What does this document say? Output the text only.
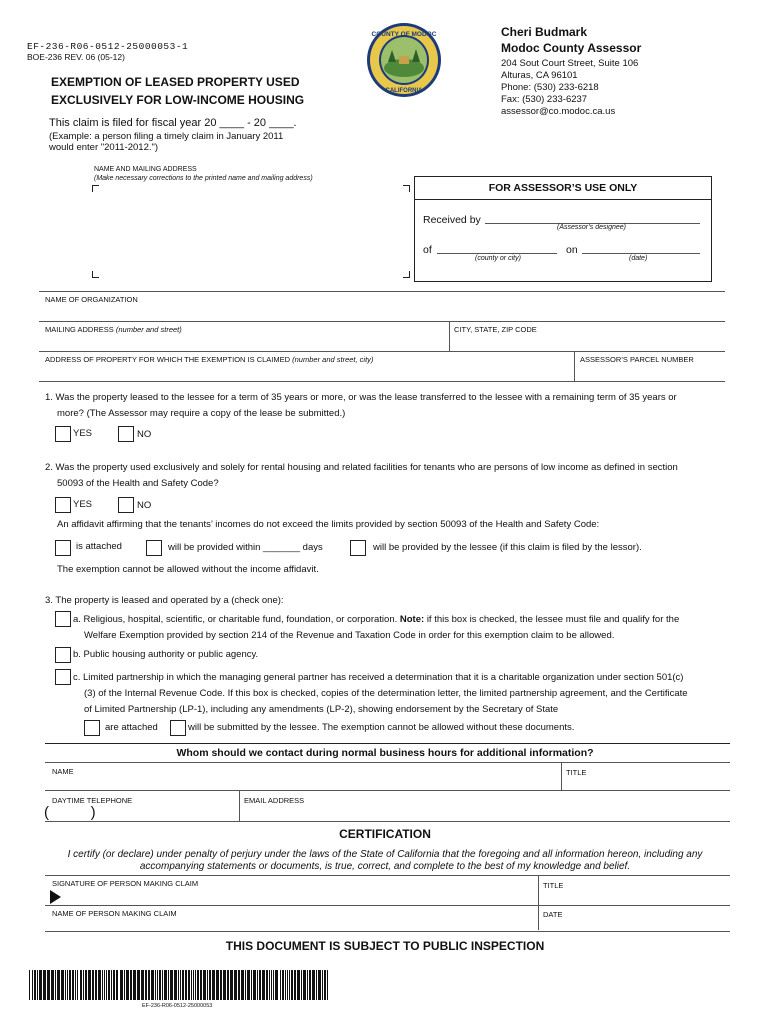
EF-236-R06-0512-25000053-1
BOE-236 REV. 06 (05-12)
EXEMPTION OF LEASED PROPERTY USED
EXCLUSIVELY FOR LOW-INCOME HOUSING
This claim is filed for fiscal year 20 ____ - 20 ____.
(Example: a person filing a timely claim in January 2011
would enter "2011-2012.")
COUNTY OF MODOC
CALIFORNIA
Cheri Budmark
Modoc County Assessor
204 Sout Court Street, Suite 106
Alturas, CA 96101
Phone: (530) 233-6218
Fax: (530) 233-6237
assessor@co.modoc.ca.us
NAME AND MAILING ADDRESS
(Make necessary corrections to the printed name and mailing address)
FOR ASSESSOR’S USE ONLY
Received by
(Assessor’s designee)
of	on
(county or city)	(date)
NAME OF ORGANIZATION
MAILING ADDRESS (number and street)	CITY, STATE, ZIP CODE
ADDRESS OF PROPERTY FOR WHICH THE EXEMPTION IS CLAIMED (number and street, city)	ASSESSOR’S PARCEL NUMBER
1. Was the property leased to the lessee for a term of 35 years or more, or was the lease transferred to the lessee with a remaining term of 35 years or
more? (The Assessor may require a copy of the lease be submitted.)
YES	NO
2. Was the property used exclusively and solely for rental housing and related facilities for tenants who are persons of low income as defined in section
50093 of the Health and Safety Code?
YES	NO
An affidavit affirming that the tenants’ incomes do not exceed the limits provided by section 50093 of the Health and Safety Code:
is attached	will be provided within _______ days	will be provided by the lessee (if this claim is filed by the lessor).
The exemption cannot be allowed without the income affidavit.
3. The property is leased and operated by a (check one):
a. Religious, hospital, scientific, or charitable fund, foundation, or corporation. Note: if this box is checked, the lessee must file and qualify for the
Welfare Exemption provided by section 214 of the Revenue and Taxation Code in order for this exemption claim to be allowed.
b. Public housing authority or public agency.
c. Limited partnership in which the managing general partner has received a determination that it is a charitable organization under section 501(c)
(3) of the Internal Revenue Code. If this box is checked, copies of the determination letter, the limited partnership agreement, and the Certificate
of Limited Partnership (LP-1), including any amendments (LP-2), showing endorsement by the Secretary of State
are attached	will be submitted by the lessee. The exemption cannot be allowed without these documents.
Whom should we contact during normal business hours for additional information?
NAME	TITLE
DAYTIME TELEPHONE
(          )
EMAIL ADDRESS
CERTIFICATION
I certify (or declare) under penalty of perjury under the laws of the State of California that the foregoing and all information hereon, including any
accompanying statements or documents, is true, correct, and complete to the best of my knowledge and belief.
SIGNATURE OF PERSON MAKING CLAIM	TITLE
NAME OF PERSON MAKING CLAIM	DATE
THIS DOCUMENT IS SUBJECT TO PUBLIC INSPECTION
EF-236-R06-0512-25000053
